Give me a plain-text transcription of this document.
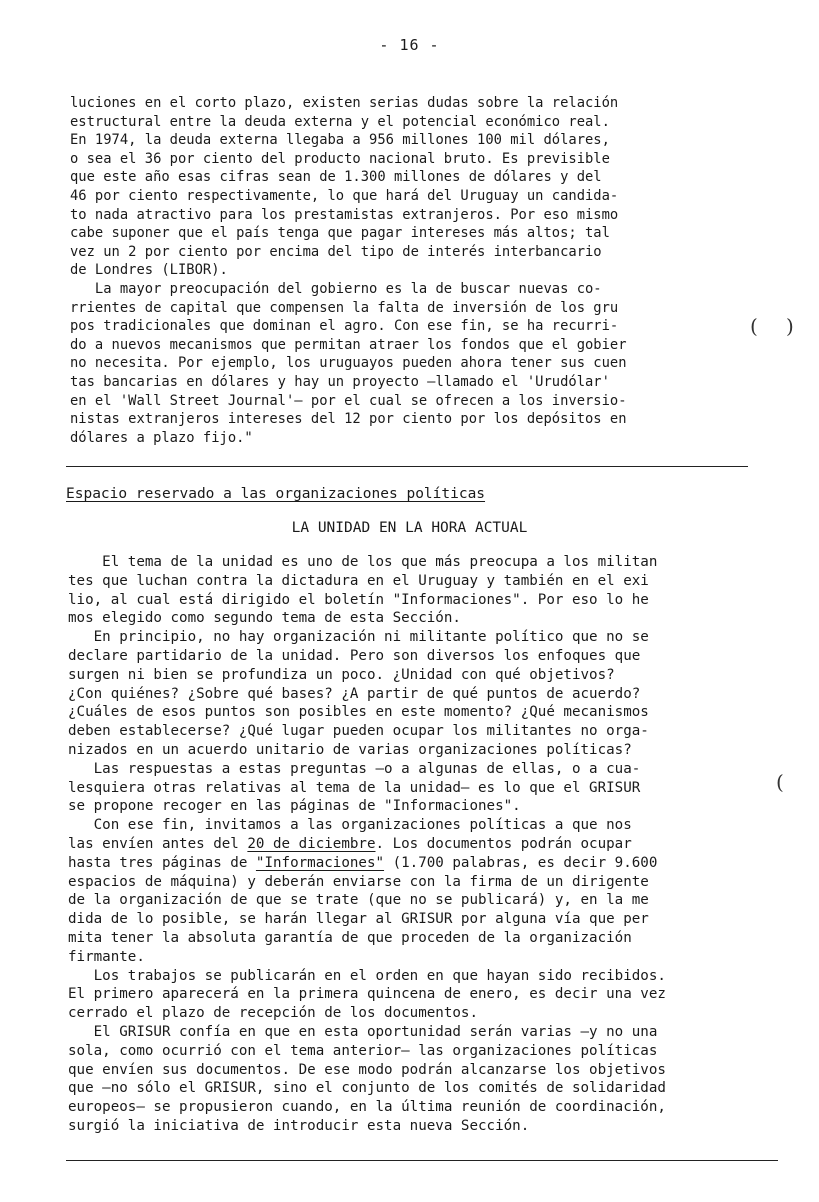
- 16 -
luciones en el corto plazo, existen serias dudas sobre la relación
estructural entre la deuda externa y el potencial económico real.
En 1974, la deuda externa llegaba a 956 millones 100 mil dólares,
o sea el 36 por ciento del producto nacional bruto. Es previsible
que este año esas cifras sean de 1.300 millones de dólares y del
46 por ciento respectivamente, lo que hará del Uruguay un candida-
to nada atractivo para los prestamistas extranjeros. Por eso mismo
cabe suponer que el país tenga que pagar intereses más altos; tal
vez un 2 por ciento por encima del tipo de interés interbancario
de Londres (LIBOR).
La mayor preocupación del gobierno es la de buscar nuevas co-
rrientes de capital que compensen la falta de inversión de los gru
pos tradicionales que dominan el agro. Con ese fin, se ha recurri-
do a nuevos mecanismos que permitan atraer los fondos que el gobier
no necesita. Por ejemplo, los uruguayos pueden ahora tener sus cuen
tas bancarias en dólares y hay un proyecto —llamado el 'Urudólar'
en el 'Wall Street Journal'— por el cual se ofrecen a los inversio-
nistas extranjeros intereses del 12 por ciento por los depósitos en
dólares a plazo fijo."
( )
(
Espacio reservado a las organizaciones políticas
LA UNIDAD EN LA HORA ACTUAL
El tema de la unidad es uno de los que más preocupa a los militan
tes que luchan contra la dictadura en el Uruguay y también en el exi
lio, al cual está dirigido el boletín "Informaciones". Por eso lo he
mos elegido como segundo tema de esta Sección.
En principio, no hay organización ni militante político que no se
declare partidario de la unidad. Pero son diversos los enfoques que
surgen ni bien se profundiza un poco. ¿Unidad con qué objetivos?
¿Con quiénes? ¿Sobre qué bases? ¿A partir de qué puntos de acuerdo?
¿Cuáles de esos puntos son posibles en este momento? ¿Qué mecanismos
deben establecerse? ¿Qué lugar pueden ocupar los militantes no orga-
nizados en un acuerdo unitario de varias organizaciones políticas?
Las respuestas a estas preguntas —o a algunas de ellas, o a cua-
lesquiera otras relativas al tema de la unidad— es lo que el GRISUR
se propone recoger en las páginas de "Informaciones".
Con ese fin, invitamos a las organizaciones políticas a que nos
las envíen antes del 20 de diciembre. Los documentos podrán ocupar
hasta tres páginas de "Informaciones" (1.700 palabras, es decir 9.600
espacios de máquina) y deberán enviarse con la firma de un dirigente
de la organización de que se trate (que no se publicará) y, en la me
dida de lo posible, se harán llegar al GRISUR por alguna vía que per
mita tener la absoluta garantía de que proceden de la organización
firmante.
Los trabajos se publicarán en el orden en que hayan sido recibidos.
El primero aparecerá en la primera quincena de enero, es decir una vez
cerrado el plazo de recepción de los documentos.
El GRISUR confía en que en esta oportunidad serán varias —y no una
sola, como ocurrió con el tema anterior— las organizaciones políticas
que envíen sus documentos. De ese modo podrán alcanzarse los objetivos
que —no sólo el GRISUR, sino el conjunto de los comités de solidaridad
europeos— se propusieron cuando, en la última reunión de coordinación,
surgió la iniciativa de introducir esta nueva Sección.
